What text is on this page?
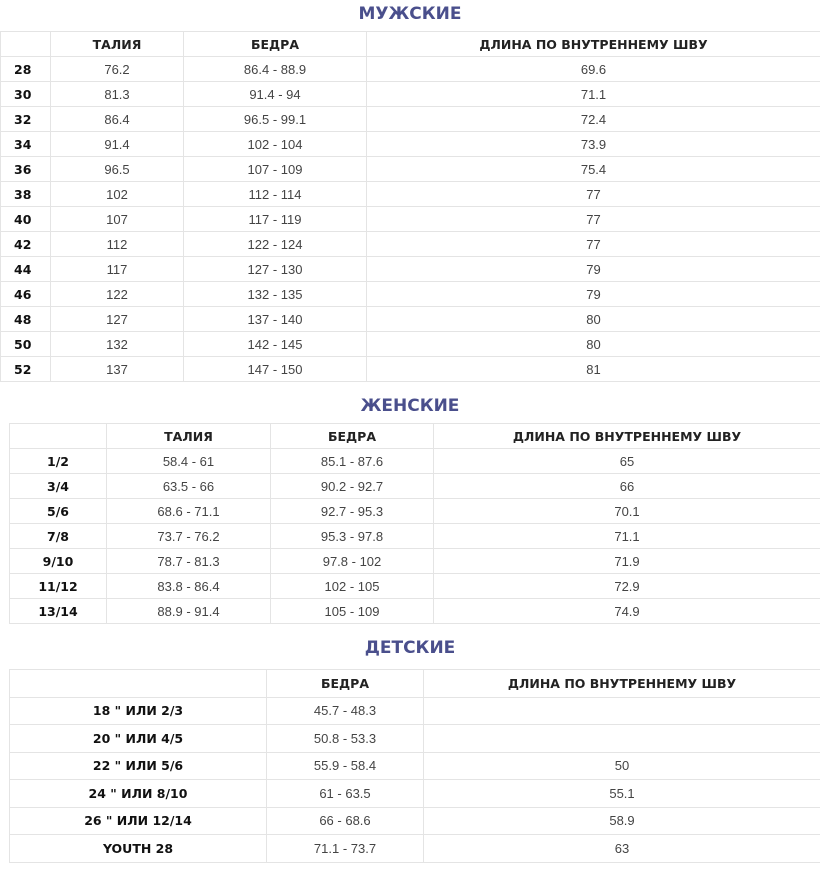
МУЖСКИЕ
	ТАЛИЯ	БЕДРА	ДЛИНА ПО ВНУТРЕННЕМУ ШВУ
28	76.2	86.4 - 88.9	69.6
30	81.3	91.4 - 94	71.1
32	86.4	96.5 - 99.1	72.4
34	91.4	102 - 104	73.9
36	96.5	107 - 109	75.4
38	102	112 - 114	77
40	107	117 - 119	77
42	112	122 - 124	77
44	117	127 - 130	79
46	122	132 - 135	79
48	127	137 - 140	80
50	132	142 - 145	80
52	137	147 - 150	81
ЖЕНСКИЕ
	ТАЛИЯ	БЕДРА	ДЛИНА ПО ВНУТРЕННЕМУ ШВУ
1/2	58.4 - 61	85.1 - 87.6	65
3/4	63.5 - 66	90.2 - 92.7	66
5/6	68.6 - 71.1	92.7 - 95.3	70.1
7/8	73.7 - 76.2	95.3 - 97.8	71.1
9/10	78.7 - 81.3	97.8 - 102	71.9
11/12	83.8 - 86.4	102 - 105	72.9
13/14	88.9 - 91.4	105 - 109	74.9
ДЕТСКИЕ
	БЕДРА	ДЛИНА ПО ВНУТРЕННЕМУ ШВУ
18 " ИЛИ 2/3	45.7 - 48.3	
20 " ИЛИ 4/5	50.8 - 53.3	
22 " ИЛИ 5/6	55.9 - 58.4	50
24 " ИЛИ 8/10	61 - 63.5	55.1
26 " ИЛИ 12/14	66 - 68.6	58.9
YOUTH 28	71.1 - 73.7	63
